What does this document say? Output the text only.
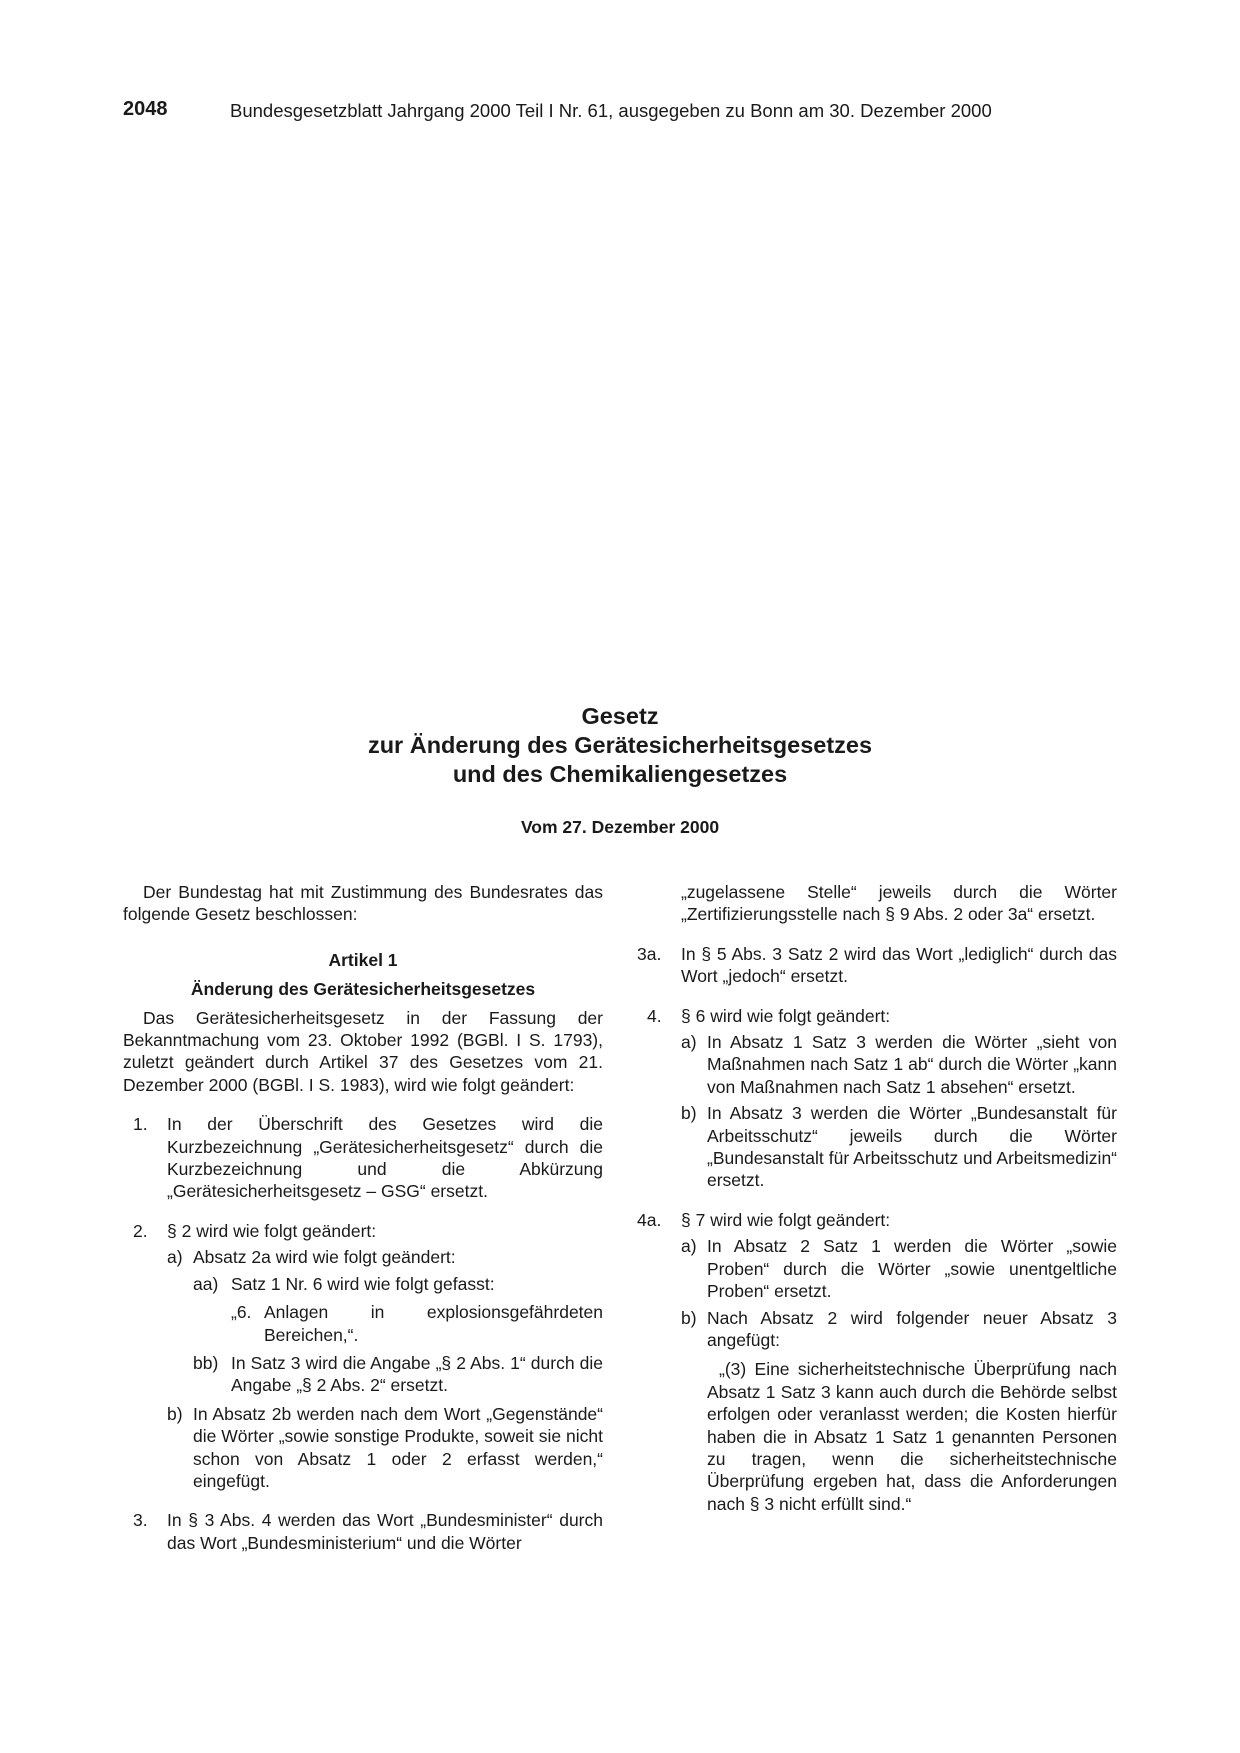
2048	Bundesgesetzblatt Jahrgang 2000 Teil I Nr. 61, ausgegeben zu Bonn am 30. Dezember 2000
Gesetz
zur Änderung des Gerätesicherheitsgesetzes
und des Chemikaliengesetzes
Vom 27. Dezember 2000

Der Bundestag hat mit Zustimmung des Bundesrates das folgende Gesetz beschlossen:

Artikel 1

Änderung des Gerätesicherheitsgesetzes

Das Gerätesicherheitsgesetz in der Fassung der Bekanntmachung vom 23. Oktober 1992 (BGBl. I S. 1793), zuletzt geändert durch Artikel 37 des Gesetzes vom 21. Dezember 2000 (BGBl. I S. 1983), wird wie folgt geändert:

1. In der Überschrift des Gesetzes wird die Kurzbezeichnung „Gerätesicherheitsgesetz“ durch die Kurzbezeichnung und die Abkürzung „Gerätesicherheitsgesetz – GSG“ ersetzt.
2. § 2 wird wie folgt geändert:
a) Absatz 2a wird wie folgt geändert:
aa) Satz 1 Nr. 6 wird wie folgt gefasst:
„6. Anlagen in explosionsgefährdeten Bereichen,“.
bb) In Satz 3 wird die Angabe „§ 2 Abs. 1“ durch die Angabe „§ 2 Abs. 2“ ersetzt.
b) In Absatz 2b werden nach dem Wort „Gegenstände“ die Wörter „sowie sonstige Produkte, soweit sie nicht schon von Absatz 1 oder 2 erfasst werden,“ eingefügt.
3. In § 3 Abs. 4 werden das Wort „Bundesminister“ durch das Wort „Bundesministerium“ und die Wörter
„zugelassene Stelle“ jeweils durch die Wörter „Zertifizierungsstelle nach § 9 Abs. 2 oder 3a“ ersetzt.
3a. In § 5 Abs. 3 Satz 2 wird das Wort „lediglich“ durch das Wort „jedoch“ ersetzt.
4. § 6 wird wie folgt geändert:
a) In Absatz 1 Satz 3 werden die Wörter „sieht von Maßnahmen nach Satz 1 ab“ durch die Wörter „kann von Maßnahmen nach Satz 1 absehen“ ersetzt.
b) In Absatz 3 werden die Wörter „Bundesanstalt für Arbeitsschutz“ jeweils durch die Wörter „Bundesanstalt für Arbeitsschutz und Arbeitsmedizin“ ersetzt.
4a. § 7 wird wie folgt geändert:
a) In Absatz 2 Satz 1 werden die Wörter „sowie Proben“ durch die Wörter „sowie unentgeltliche Proben“ ersetzt.
b) Nach Absatz 2 wird folgender neuer Absatz 3 angefügt:
„(3) Eine sicherheitstechnische Überprüfung nach Absatz 1 Satz 3 kann auch durch die Behörde selbst erfolgen oder veranlasst werden; die Kosten hierfür haben die in Absatz 1 Satz 1 genannten Personen zu tragen, wenn die sicherheitstechnische Überprüfung ergeben hat, dass die Anforderungen nach § 3 nicht erfüllt sind.“
